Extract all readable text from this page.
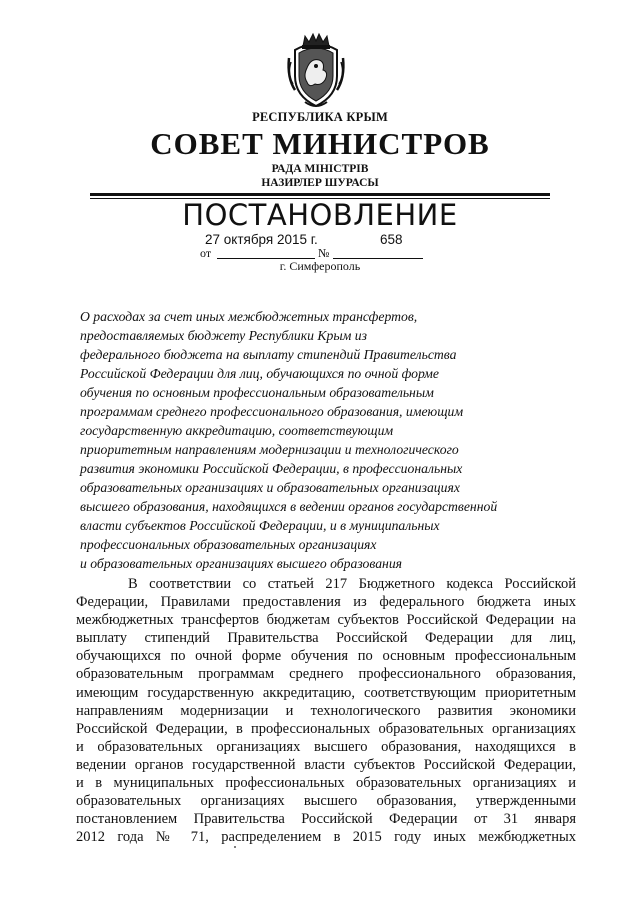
РЕСПУБЛИКА КРЫМ
СОВЕТ МИНИСТРОВ
РАДА МІНІСТРІВ
НАЗИРЛЕР ШУРАСЫ
ПОСТАНОВЛЕНИЕ
27 октября 2015 г.	658
от	№
г. Симферополь
О расходах за счет иных межбюджетных трансфертов,
предоставляемых бюджету Республики Крым из
федерального бюджета на выплату стипендий Правительства
Российской Федерации для лиц, обучающихся по очной форме
обучения по основным профессиональным образовательным
программам среднего профессионального образования, имеющим
государственную аккредитацию, соответствующим
приоритетным направлениям модернизации и технологического
развития экономики Российской Федерации, в профессиональных
образовательных организациях и образовательных организациях
высшего образования, находящихся в ведении органов государственной
власти субъектов Российской Федерации, и в муниципальных
профессиональных образовательных организациях
и образовательных организациях высшего образования
В соответствии со статьей 217 Бюджетного кодекса Российской
Федерации, Правилами предоставления из федерального бюджета иных
межбюджетных трансфертов бюджетам субъектов Российской Федерации на
выплату стипендий Правительства Российской Федерации для лиц,
обучающихся по очной форме обучения по основным профессиональным
образовательным программам среднего профессионального образования,
имеющим государственную аккредитацию, соответствующим приоритетным
направлениям модернизации и технологического развития экономики
Российской Федерации, в профессиональных образовательных организациях
и образовательных организациях высшего образования, находящихся в
ведении органов государственной власти субъектов Российской Федерации,
и в муниципальных профессиональных образовательных организациях и
образовательных организациях высшего образования, утвержденными
постановлением Правительства Российской Федерации от 31 января
2012 года № 71, распределением в 2015 году иных межбюджетных
